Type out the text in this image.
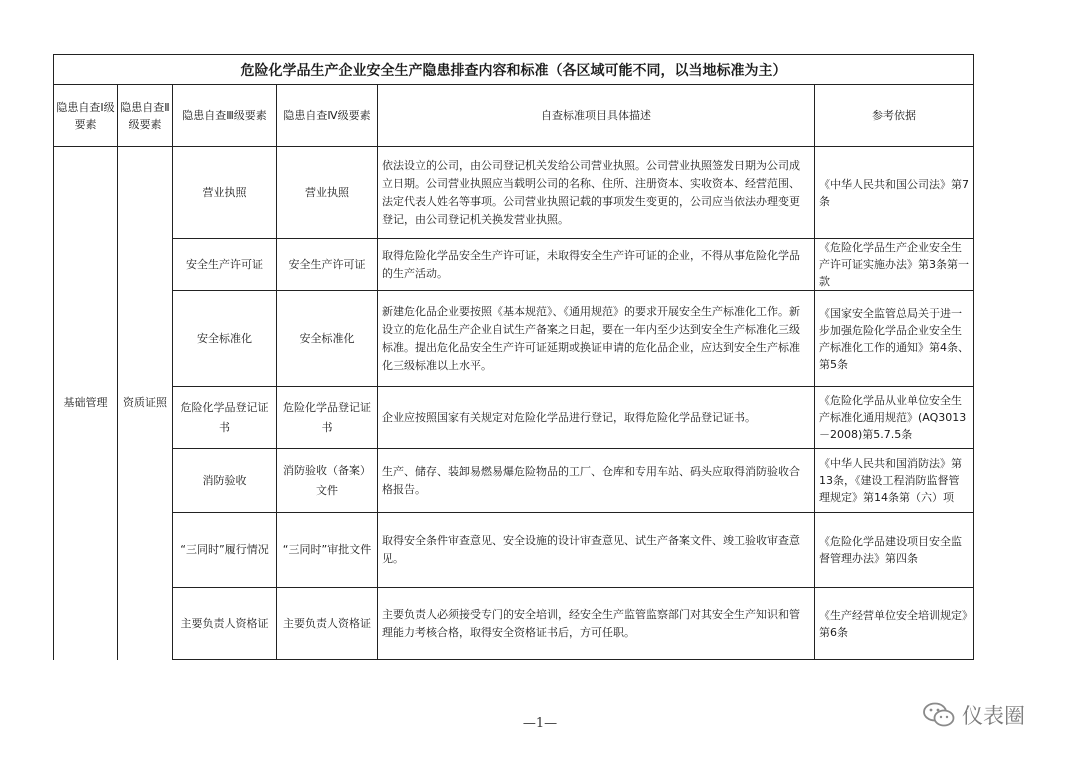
危险化学品生产企业安全生产隐患排查内容和标准（各区域可能不同，以当地标准为主）					
隐患自查Ⅰ级要素	隐患自查Ⅱ级要素	隐患自查Ⅲ级要素	隐患自查Ⅳ级要素	自查标准项目具体描述	参考依据
基础管理	资质证照	营业执照	营业执照	依法设立的公司，由公司登记机关发给公司营业执照。公司营业执照签发日期为公司成立日期。公司营业执照应当载明公司的名称、住所、注册资本、实收资本、经营范围、法定代表人姓名等事项。公司营业执照记载的事项发生变更的，公司应当依法办理变更登记，由公司登记机关换发营业执照。	《中华人民共和国公司法》第7条
		安全生产许可证	安全生产许可证	取得危险化学品安全生产许可证，未取得安全生产许可证的企业，不得从事危险化学品的生产活动。	《危险化学品生产企业安全生产许可证实施办法》第3条第一款
		安全标准化	安全标准化	新建危化品企业要按照《基本规范》、《通用规范》的要求开展安全生产标准化工作。新设立的危化品生产企业自试生产备案之日起，要在一年内至少达到安全生产标准化三级标准。提出危化品安全生产许可证延期或换证申请的危化品企业，应达到安全生产标准化三级标准以上水平。	《国家安全监管总局关于进一步加强危险化学品企业安全生产标准化工作的通知》第4条、第5条
		危险化学品登记证书	危险化学品登记证书	企业应按照国家有关规定对危险化学品进行登记，取得危险化学品登记证书。	《危险化学品从业单位安全生产标准化通用规范》(AQ3013－2008)第5.7.5条
		消防验收	消防验收（备案）文件	生产、储存、装卸易燃易爆危险物品的工厂、仓库和专用车站、码头应取得消防验收合格报告。	《中华人民共和国消防法》第13条，《建设工程消防监督管理规定》第14条第（六）项
		“三同时”履行情况	“三同时”审批文件	取得安全条件审查意见、安全设施的设计审查意见、试生产备案文件、竣工验收审查意见。	《危险化学品建设项目安全监督管理办法》第四条
		主要负责人资格证	主要负责人资格证	主要负责人必须接受专门的安全培训，经安全生产监管监察部门对其安全生产知识和管理能力考核合格，取得安全资格证书后，方可任职。	《生产经营单位安全培训规定》第6条
—1—	仪表圈
